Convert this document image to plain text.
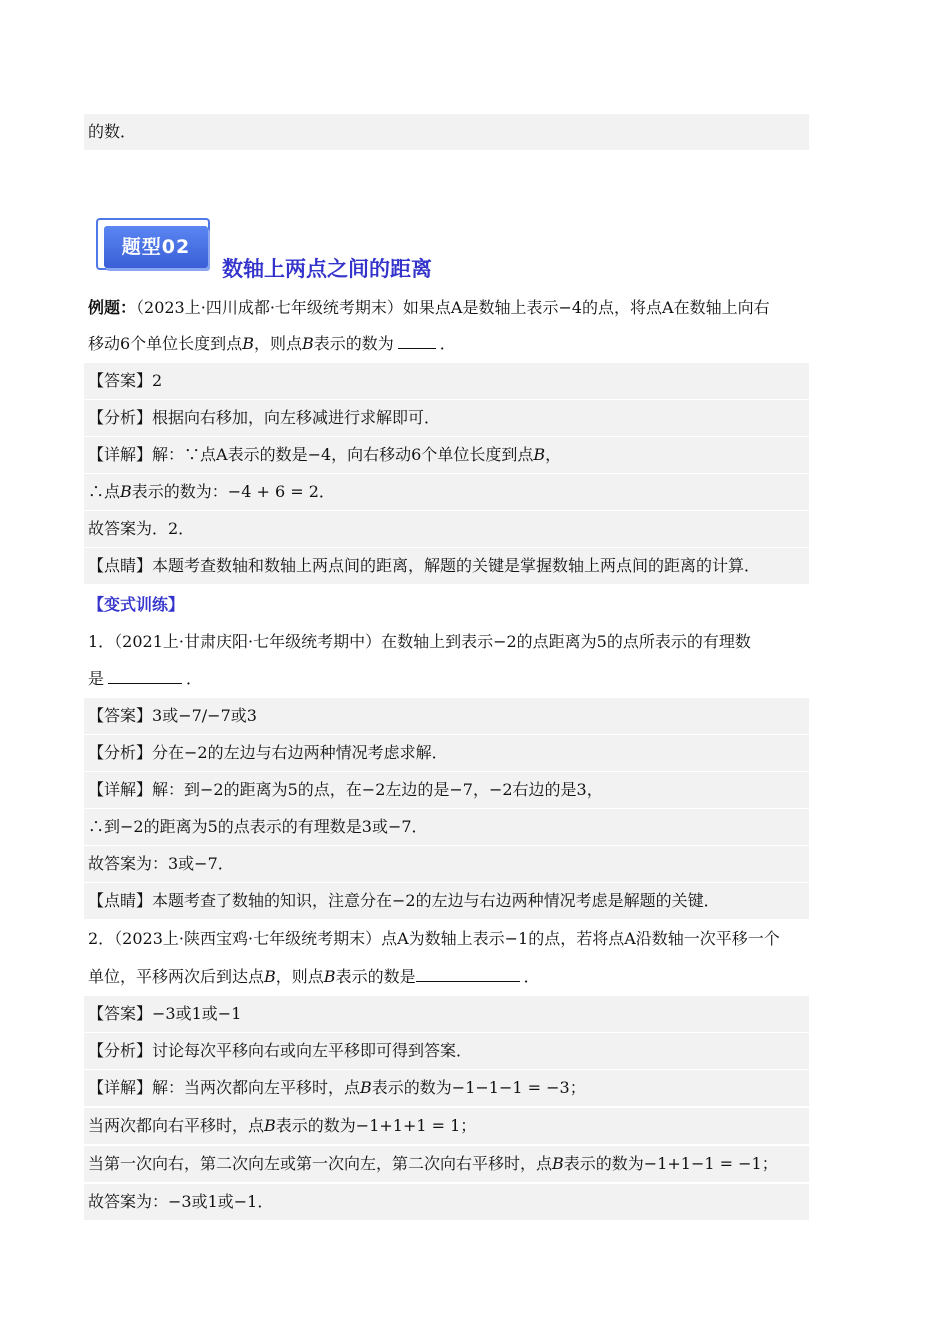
的数．
题型02
数轴上两点之间的距离
例题：（2023上·四川成都·七年级统考期末）如果点A是数轴上表示−4的点，将点A在数轴上向右
移动6个单位长度到点B，则点B表示的数为	．
【答案】2
【分析】根据向右移加，向左移减进行求解即可．
【详解】解：∵点A表示的数是−4，向右移动6个单位长度到点B，
∴点B表示的数为：−4 + 6 = 2．
故答案为．2．
【点睛】本题考查数轴和数轴上两点间的距离，解题的关键是掌握数轴上两点间的距离的计算．
【变式训练】
1．（2021上·甘肃庆阳·七年级统考期中）在数轴上到表示−2的点距离为5的点所表示的有理数
是	．
【答案】3或−7/−7或3
【分析】分在−2的左边与右边两种情况考虑求解．
【详解】解：到−2的距离为5的点，在−2左边的是−7，−2右边的是3，
∴到−2的距离为5的点表示的有理数是3或−7．
故答案为：3或−7．
【点睛】本题考查了数轴的知识，注意分在−2的左边与右边两种情况考虑是解题的关键．
2．（2023上·陕西宝鸡·七年级统考期末）点A为数轴上表示−1的点，若将点A沿数轴一次平移一个
单位，平移两次后到达点B，则点B表示的数是	．
【答案】−3或1或−1
【分析】讨论每次平移向右或向左平移即可得到答案．
【详解】解：当两次都向左平移时，点B表示的数为−1−1−1 = −3；
当两次都向右平移时，点B表示的数为−1+1+1 = 1；
当第一次向右，第二次向左或第一次向左，第二次向右平移时，点B表示的数为−1+1−1 = −1；
故答案为：−3或1或−1．
